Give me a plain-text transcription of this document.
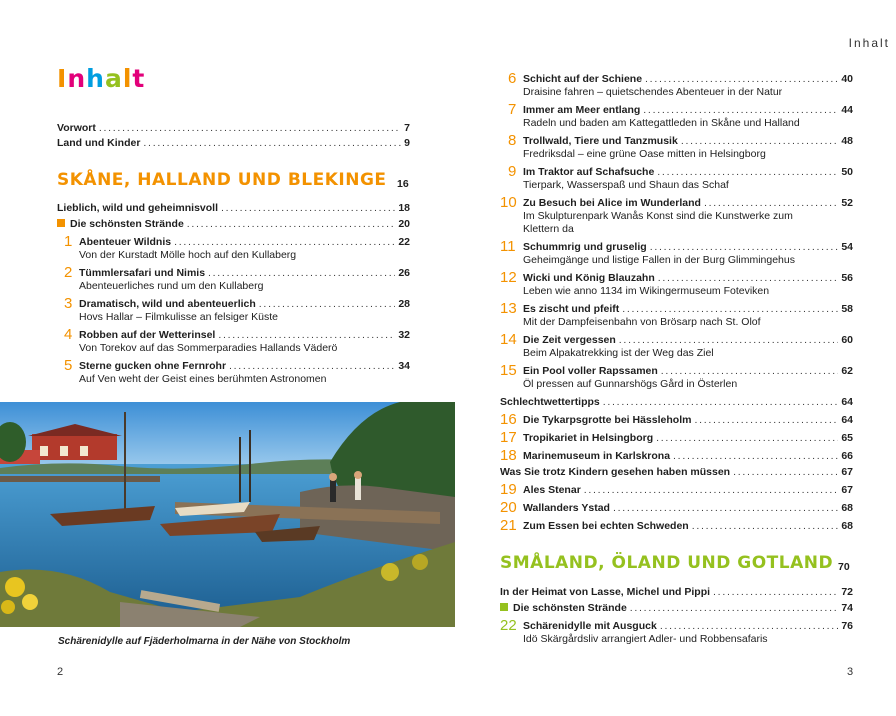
Inhalt
Vorwort . . .	7
Land und Kinder . . .	9
SKÅNE, HALLAND UND BLEKINGE 16
Lieblich, wild und geheimnisvoll . . .	18
Die schönsten Strände . . .	20
1 Abenteuer Wildnis . . .	22
Von der Kurstadt Mölle hoch auf den Kullaberg
2 Tümmlersafari und Nimis . . .	26
Abenteuerliches rund um den Kullaberg
3 Dramatisch, wild und abenteuerlich . . .	28
Hovs Hallar – Filmkulisse an felsiger Küste
4 Robben auf der Wetterinsel . . .	32
Von Torekov auf das Sommerparadies Hallands Väderö
5 Sterne gucken ohne Fernrohr . . .	34
Auf Ven weht der Geist eines berühmten Astronomen
Schärenidylle auf Fjäderholmarna in der Nähe von Stockholm
2
Inhalt
6 Schicht auf der Schiene . . .	40
Draisine fahren – quietschendes Abenteuer in der Natur
7 Immer am Meer entlang . . .	44
Radeln und baden am Kattegattleden in Skåne und Halland
8 Trollwald, Tiere und Tanzmusik . . .	48
Fredriksdal – eine grüne Oase mitten in Helsingborg
9 Im Traktor auf Schafsuche . . .	50
Tierpark, Wasserspaß und Shaun das Schaf
10 Zu Besuch bei Alice im Wunderland . . .	52
Im Skulpturenpark Wanås Konst sind die Kunstwerke zum
Klettern da
11 Schummrig und gruselig . . .	54
Geheimgänge und listige Fallen in der Burg Glimmingehus
12 Wicki und König Blauzahn . . .	56
Leben wie anno 1134 im Wikingermuseum Foteviken
13 Es zischt und pfeift . . .	58
Mit der Dampfeisenbahn von Brösarp nach St. Olof
14 Die Zeit vergessen . . .	60
Beim Alpakatrekking ist der Weg das Ziel
15 Ein Pool voller Rapssamen . . .	62
Öl pressen auf Gunnarshögs Gård in Österlen
Schlechtwettertipps . . .	64
16 Die Tykarpsgrotte bei Hässleholm . . .	64
17 Tropikariet in Helsingborg . . .	65
18 Marinemuseum in Karlskrona . . .	66
Was Sie trotz Kindern gesehen haben müssen . . .	67
19 Ales Stenar . . .	67
20 Wallanders Ystad . . .	68
21 Zum Essen bei echten Schweden . . .	68
SMÅLAND, ÖLAND UND GOTLAND 70
In der Heimat von Lasse, Michel und Pippi . . .	72
Die schönsten Strände . . .	74
22 Schärenidylle mit Ausguck . . .	76
Idö Skärgårdsliv arrangiert Adler- und Robbensafaris
3
